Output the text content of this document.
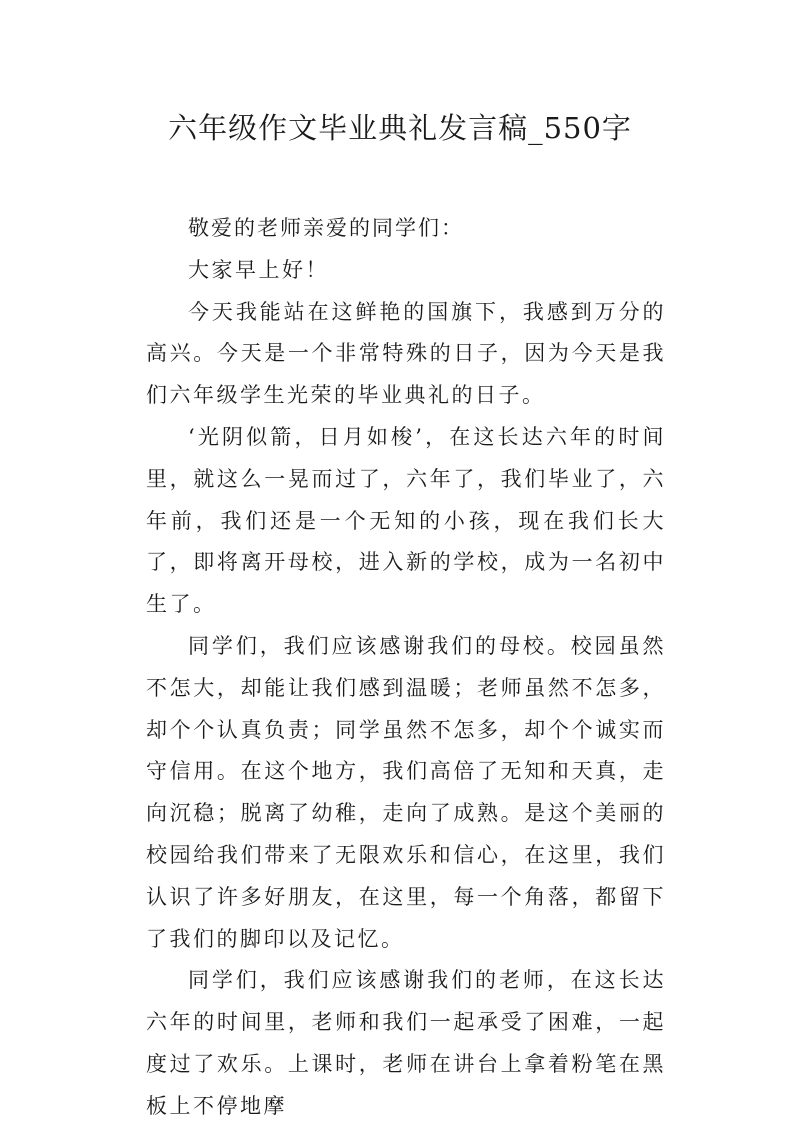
六年级作文毕业典礼发言稿_550字

敬爱的老师亲爱的同学们：

大家早上好！

今天我能站在这鲜艳的国旗下，我感到万分的高兴。今天是一个非常特殊的日子，因为今天是我们六年级学生光荣的毕业典礼的日子。

‘光阴似箭，日月如梭’，在这长达六年的时间里，就这么一晃而过了，六年了，我们毕业了，六年前，我们还是一个无知的小孩，现在我们长大了，即将离开母校，进入新的学校，成为一名初中生了。

同学们，我们应该感谢我们的母校。校园虽然不怎大，却能让我们感到温暖；老师虽然不怎多，却个个认真负责；同学虽然不怎多，却个个诚实而守信用。在这个地方，我们高倍了无知和天真，走向沉稳；脱离了幼稚，走向了成熟。是这个美丽的校园给我们带来了无限欢乐和信心，在这里，我们认识了许多好朋友，在这里，每一个角落，都留下了我们的脚印以及记忆。

同学们，我们应该感谢我们的老师，在这长达六年的时间里，老师和我们一起承受了困难，一起度过了欢乐。上课时，老师在讲台上拿着粉笔在黑板上不停地摩
